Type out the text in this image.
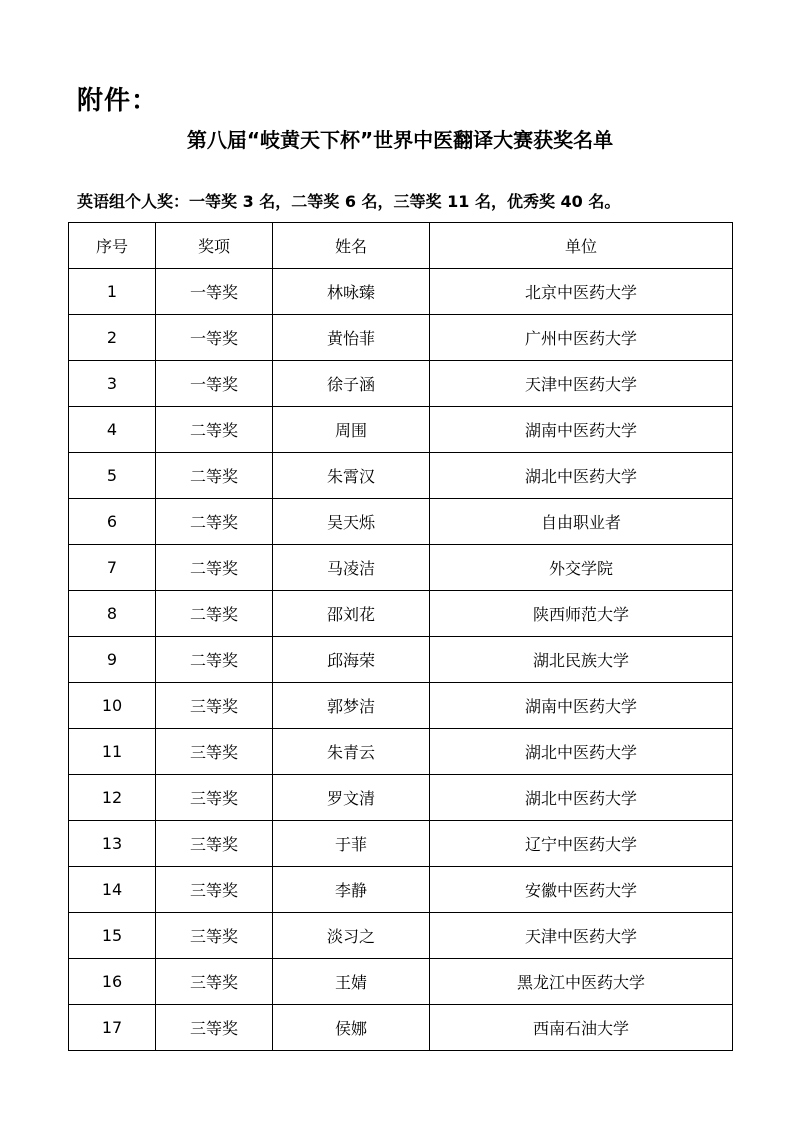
附件：
第八届“岐黄天下杯”世界中医翻译大赛获奖名单
英语组个人奖：一等奖 3 名，二等奖 6 名，三等奖 11 名，优秀奖 40 名。
序号	奖项	姓名	单位
1	一等奖	林咏臻	北京中医药大学
2	一等奖	黄怡菲	广州中医药大学
3	一等奖	徐子涵	天津中医药大学
4	二等奖	周围	湖南中医药大学
5	二等奖	朱霄汉	湖北中医药大学
6	二等奖	吴天烁	自由职业者
7	二等奖	马凌洁	外交学院
8	二等奖	邵刘花	陕西师范大学
9	二等奖	邱海荣	湖北民族大学
10	三等奖	郭梦洁	湖南中医药大学
11	三等奖	朱青云	湖北中医药大学
12	三等奖	罗文清	湖北中医药大学
13	三等奖	于菲	辽宁中医药大学
14	三等奖	李静	安徽中医药大学
15	三等奖	淡习之	天津中医药大学
16	三等奖	王婧	黑龙江中医药大学
17	三等奖	侯娜	西南石油大学
